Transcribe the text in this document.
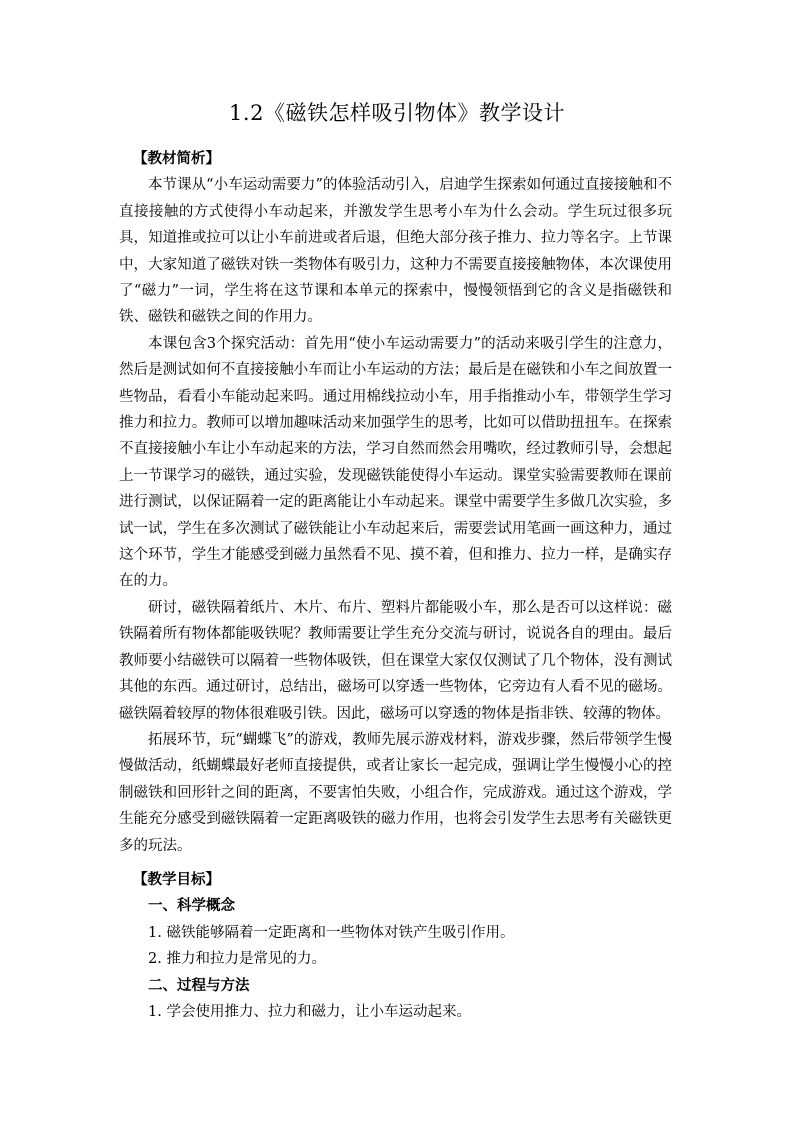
1.2《磁铁怎样吸引物体》教学设计

【教材简析】

本节课从“小车运动需要力”的体验活动引入，启迪学生探索如何通过直接接触和不直接接触的方式使得小车动起来，并激发学生思考小车为什么会动。学生玩过很多玩具，知道推或拉可以让小车前进或者后退，但绝大部分孩子推力、拉力等名字。上节课中，大家知道了磁铁对铁一类物体有吸引力，这种力不需要直接接触物体，本次课使用了“磁力”一词，学生将在这节课和本单元的探索中，慢慢领悟到它的含义是指磁铁和铁、磁铁和磁铁之间的作用力。

本课包含3个探究活动：首先用“使小车运动需要力”的活动来吸引学生的注意力，然后是测试如何不直接接触小车而让小车运动的方法；最后是在磁铁和小车之间放置一些物品，看看小车能动起来吗。通过用棉线拉动小车，用手指推动小车，带领学生学习推力和拉力。教师可以增加趣味活动来加强学生的思考，比如可以借助扭扭车。在探索不直接接触小车让小车动起来的方法，学习自然而然会用嘴吹，经过教师引导，会想起上一节课学习的磁铁，通过实验，发现磁铁能使得小车运动。课堂实验需要教师在课前进行测试，以保证隔着一定的距离能让小车动起来。课堂中需要学生多做几次实验，多试一试，学生在多次测试了磁铁能让小车动起来后，需要尝试用笔画一画这种力，通过这个环节，学生才能感受到磁力虽然看不见、摸不着，但和推力、拉力一样，是确实存在的力。

研讨，磁铁隔着纸片、木片、布片、塑料片都能吸小车，那么是否可以这样说：磁铁隔着所有物体都能吸铁呢？教师需要让学生充分交流与研讨，说说各自的理由。最后教师要小结磁铁可以隔着一些物体吸铁，但在课堂大家仅仅测试了几个物体，没有测试其他的东西。通过研讨，总结出，磁场可以穿透一些物体，它旁边有人看不见的磁场。磁铁隔着较厚的物体很难吸引铁。因此，磁场可以穿透的物体是指非铁、较薄的物体。

拓展环节，玩“蝴蝶飞”的游戏，教师先展示游戏材料，游戏步骤，然后带领学生慢慢做活动，纸蝴蝶最好老师直接提供，或者让家长一起完成，强调让学生慢慢小心的控制磁铁和回形针之间的距离，不要害怕失败，小组合作，完成游戏。通过这个游戏，学生能充分感受到磁铁隔着一定距离吸铁的磁力作用，也将会引发学生去思考有关磁铁更多的玩法。

【教学目标】

一、科学概念

1. 磁铁能够隔着一定距离和一些物体对铁产生吸引作用。

2. 推力和拉力是常见的力。

二、过程与方法

1. 学会使用推力、拉力和磁力，让小车运动起来。
